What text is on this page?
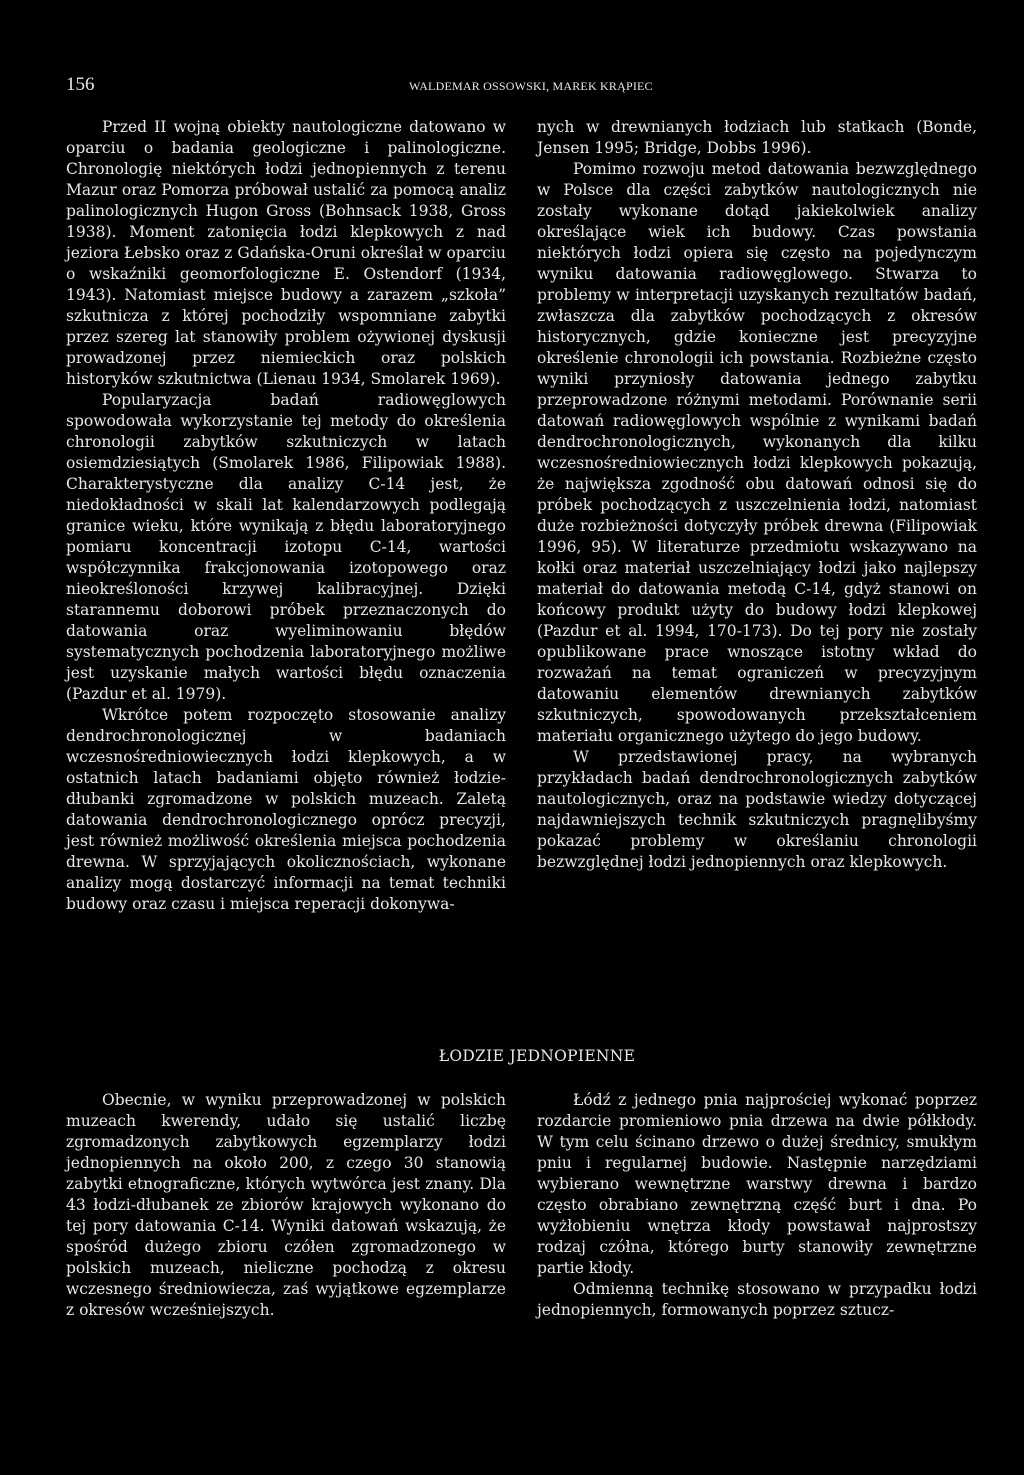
156	WALDEMAR OSSOWSKI, MAREK KRĄPIEC

Przed II wojną obiekty nautologiczne datowano w oparciu o badania geologiczne i palinologiczne. Chronologię niektórych łodzi jednopiennych z terenu Mazur oraz Pomorza próbował ustalić za pomocą analiz palinologicznych Hugon Gross (Bohnsack 1938, Gross 1938). Moment zatonięcia łodzi klepkowych z nad jeziora Łebsko oraz z Gdańska-Oruni określał w oparciu o wskaźniki geomorfologiczne E. Ostendorf (1934, 1943). Natomiast miejsce budowy a zarazem „szkoła” szkutnicza z której pochodziły wspomniane zabytki przez szereg lat stanowiły problem ożywionej dyskusji prowadzonej przez niemieckich oraz polskich historyków szkutnictwa (Lienau 1934, Smolarek 1969).

Popularyzacja badań radiowęglowych spowodowała wykorzystanie tej metody do określenia chronologii zabytków szkutniczych w latach osiemdziesiątych (Smolarek 1986, Filipowiak 1988). Charakterystyczne dla analizy C-14 jest, że niedokładności w skali lat kalendarzowych podlegają granice wieku, które wynikają z błędu laboratoryjnego pomiaru koncentracji izotopu C-14, wartości współczynnika frakcjonowania izotopowego oraz nieokreśloności krzywej kalibracyjnej. Dzięki starannemu doborowi próbek przeznaczonych do datowania oraz wyeliminowaniu błędów systematycznych pochodzenia laboratoryjnego możliwe jest uzyskanie małych wartości błędu oznaczenia (Pazdur et al. 1979).

Wkrótce potem rozpoczęto stosowanie analizy dendrochronologicznej w badaniach wczesnośredniowiecznych łodzi klepkowych, a w ostatnich latach badaniami objęto również łodzie-dłubanki zgromadzone w polskich muzeach. Zaletą datowania dendrochronologicznego oprócz precyzji, jest również możliwość określenia miejsca pochodzenia drewna. W sprzyjających okolicznościach, wykonane analizy mogą dostarczyć informacji na temat techniki budowy oraz czasu i miejsca reperacji dokonywa-

nych w drewnianych łodziach lub statkach (Bonde, Jensen 1995; Bridge, Dobbs 1996).

Pomimo rozwoju metod datowania bezwzględnego w Polsce dla części zabytków nautologicznych nie zostały wykonane dotąd jakiekolwiek analizy określające wiek ich budowy. Czas powstania niektórych łodzi opiera się często na pojedynczym wyniku datowania radiowęglowego. Stwarza to problemy w interpretacji uzyskanych rezultatów badań, zwłaszcza dla zabytków pochodzących z okresów historycznych, gdzie konieczne jest precyzyjne określenie chronologii ich powstania. Rozbieżne często wyniki przyniosły datowania jednego zabytku przeprowadzone różnymi metodami. Porównanie serii datowań radiowęglowych wspólnie z wynikami badań dendrochronologicznych, wykonanych dla kilku wczesnośredniowiecznych łodzi klepkowych pokazują, że największa zgodność obu datowań odnosi się do próbek pochodzących z uszczelnienia łodzi, natomiast duże rozbieżności dotyczyły próbek drewna (Filipowiak 1996, 95). W literaturze przedmiotu wskazywano na kołki oraz materiał uszczelniający łodzi jako najlepszy materiał do datowania metodą C-14, gdyż stanowi on końcowy produkt użyty do budowy łodzi klepkowej (Pazdur et al. 1994, 170-173). Do tej pory nie zostały opublikowane prace wnoszące istotny wkład do rozważań na temat ograniczeń w precyzyjnym datowaniu elementów drewnianych zabytków szkutniczych, spowodowanych przekształceniem materiału organicznego użytego do jego budowy.

W przedstawionej pracy, na wybranych przykładach badań dendrochronologicznych zabytków nautologicznych, oraz na podstawie wiedzy dotyczącej najdawniejszych technik szkutniczych pragnęlibyśmy pokazać problemy w określaniu chronologii bezwzględnej łodzi jednopiennych oraz klepkowych.

ŁODZIE JEDNOPIENNE

Obecnie, w wyniku przeprowadzonej w polskich muzeach kwerendy, udało się ustalić liczbę zgromadzonych zabytkowych egzemplarzy łodzi jednopiennych na około 200, z czego 30 stanowią zabytki etnograficzne, których wytwórca jest znany. Dla 43 łodzi-dłubanek ze zbiorów krajowych wykonano do tej pory datowania C-14. Wyniki datowań wskazują, że spośród dużego zbioru czółen zgromadzonego w polskich muzeach, nieliczne pochodzą z okresu wczesnego średniowiecza, zaś wyjątkowe egzemplarze z okresów wcześniejszych.

Łódź z jednego pnia najprościej wykonać poprzez rozdarcie promieniowo pnia drzewa na dwie półkłody. W tym celu ścinano drzewo o dużej średnicy, smukłym pniu i regularnej budowie. Następnie narzędziami wybierano wewnętrzne warstwy drewna i bardzo często obrabiano zewnętrzną część burt i dna. Po wyżłobieniu wnętrza kłody powstawał najprostszy rodzaj czółna, którego burty stanowiły zewnętrzne partie kłody.

Odmienną technikę stosowano w przypadku łodzi jednopiennych, formowanych poprzez sztucz-
